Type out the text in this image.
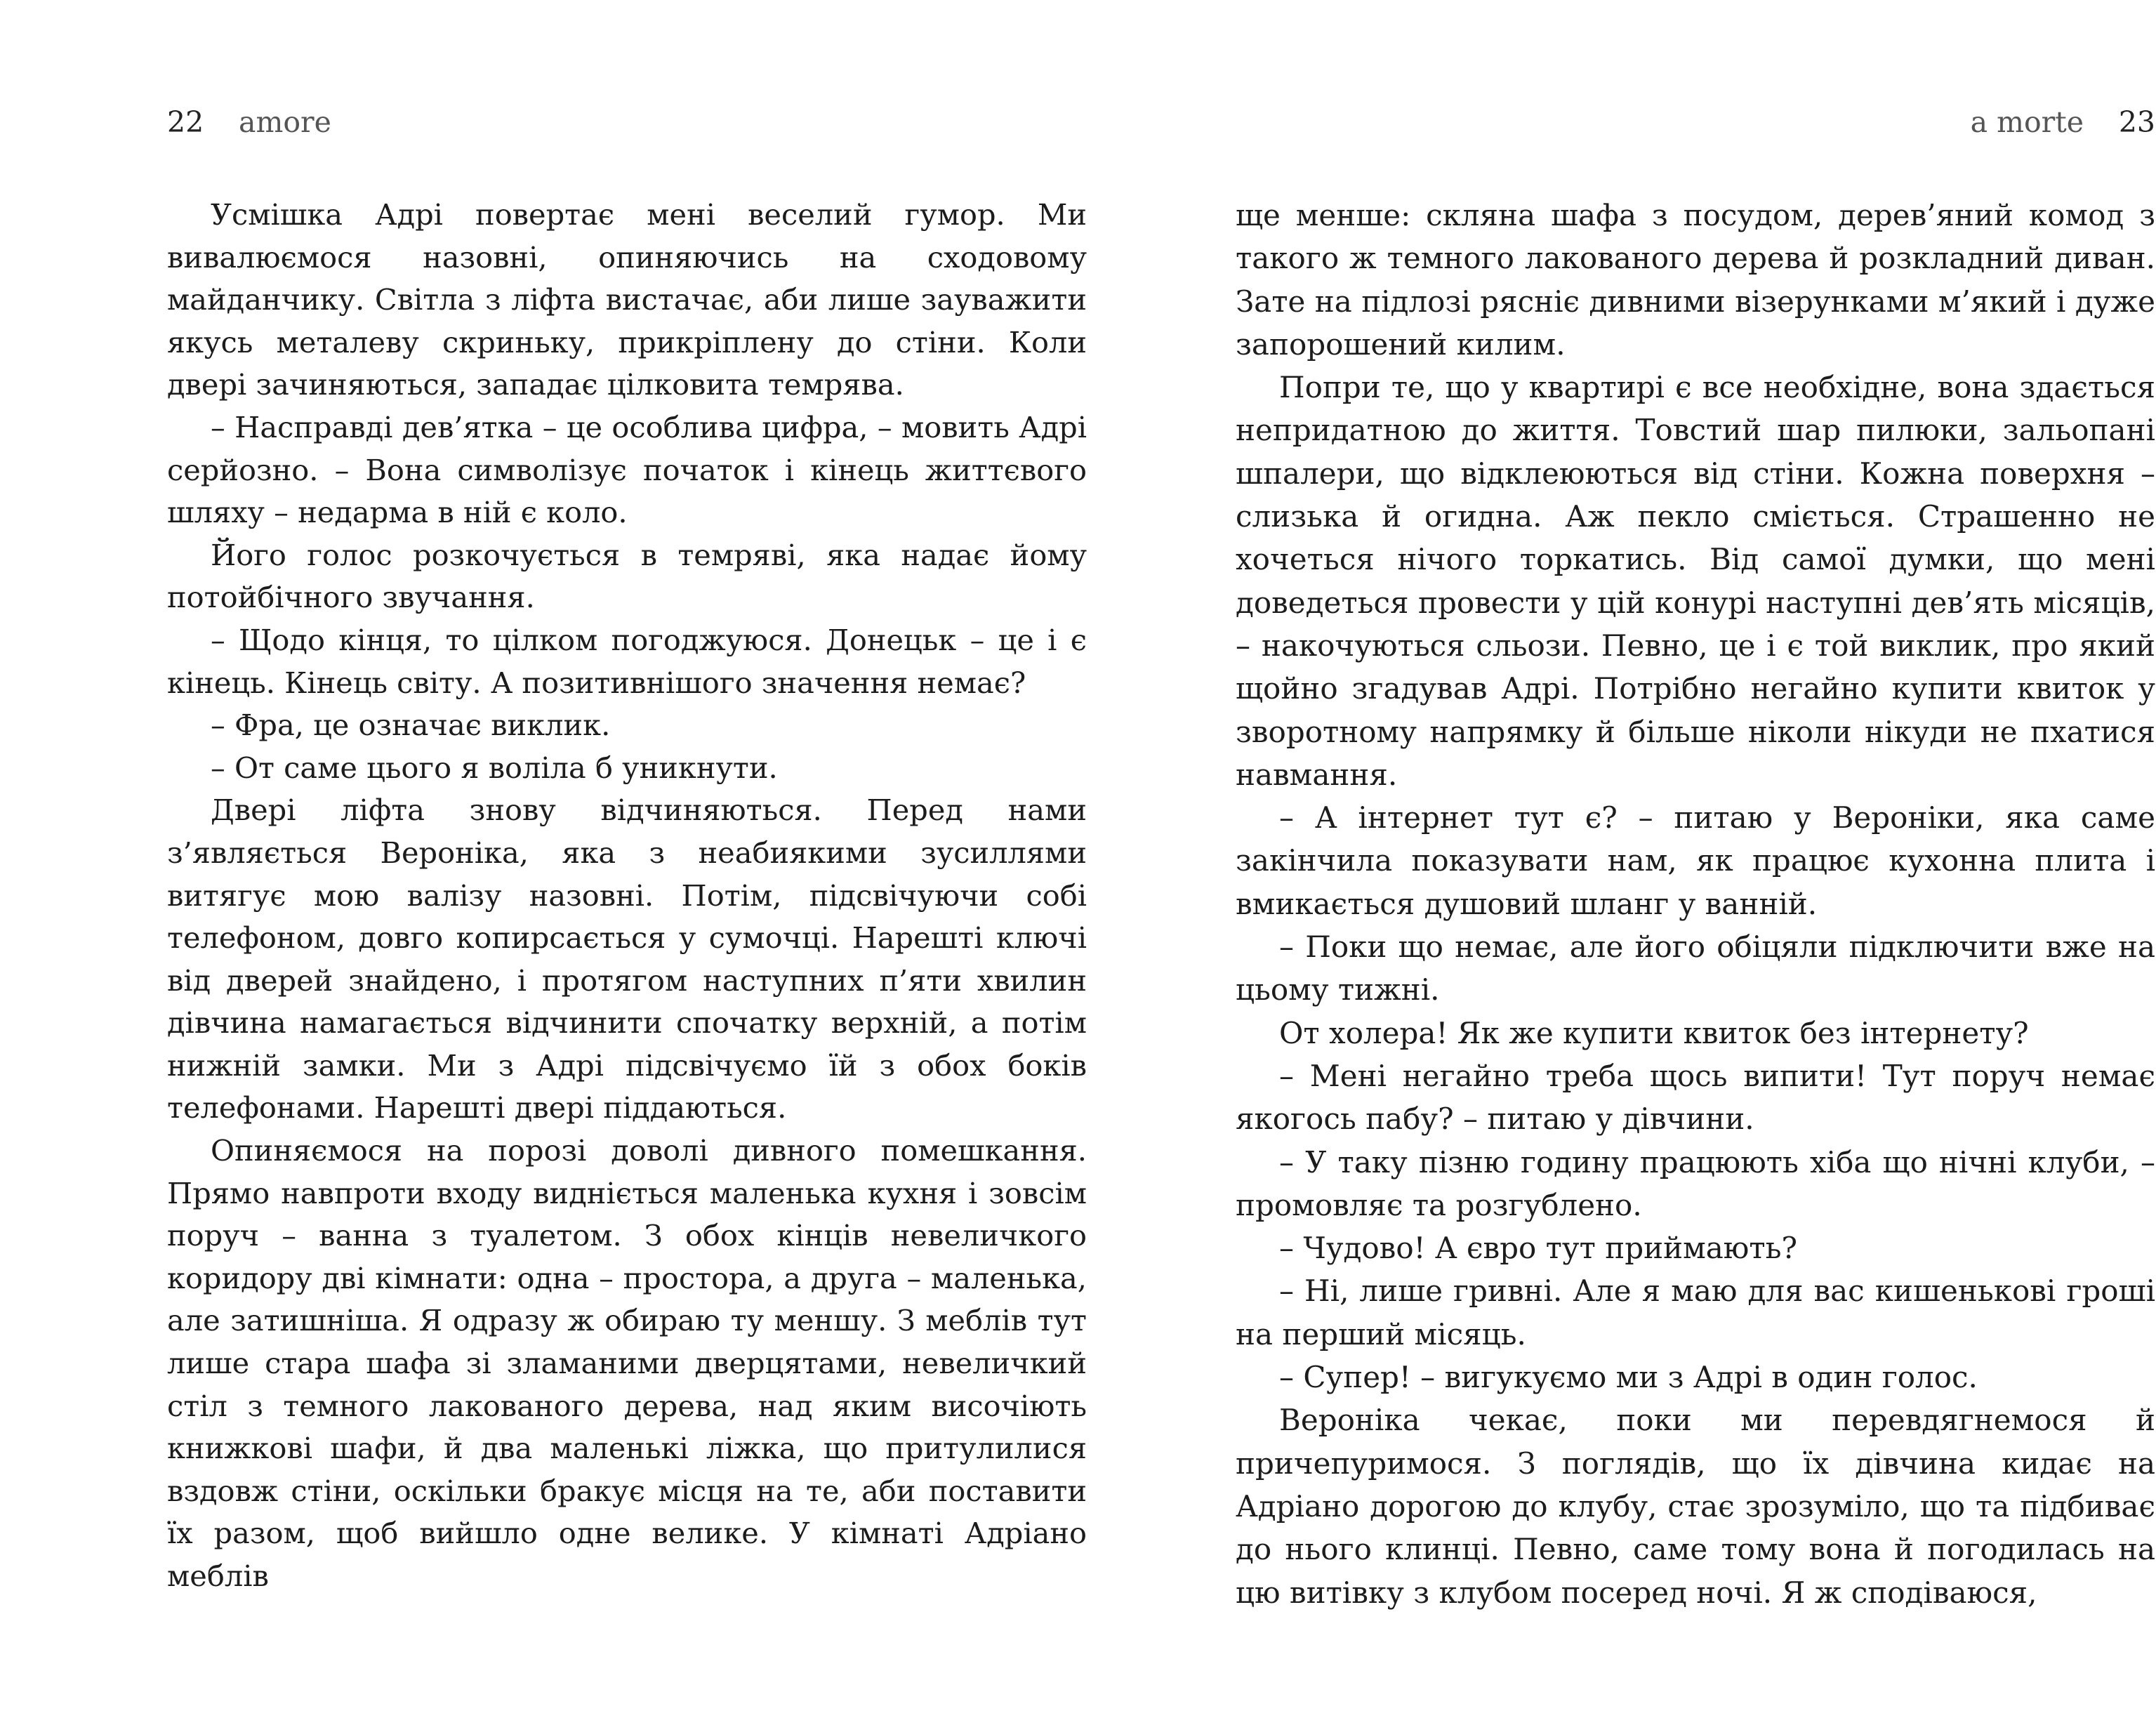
22 amore

Усмішка Адрі повертає мені веселий гумор. Ми вивалюємося назовні, опиняючись на сходовому майданчику. Світла з ліфта вистачає, аби лише зауважити якусь металеву скриньку, прикріплену до стіни. Коли двері зачиняються, западає цілковита темрява.

– Насправді дев’ятка – це особлива цифра, – мовить Адрі серйозно. – Вона символізує початок і кінець життєвого шляху – недарма в ній є коло.

Його голос розкочується в темряві, яка надає йому потойбічного звучання.

– Щодо кінця, то цілком погоджуюся. Донецьк – це і є кінець. Кінець світу. А позитивнішого значення немає?

– Фра, це означає виклик.

– От саме цього я воліла б уникнути.

Двері ліфта знову відчиняються. Перед нами з’являється Вероніка, яка з неабиякими зусиллями витягує мою валізу назовні. Потім, підсвічуючи собі телефоном, довго копирсається у сумочці. Нарешті ключі від дверей знайдено, і протягом наступних п’яти хвилин дівчина намагається відчинити спочатку верхній, а потім нижній замки. Ми з Адрі підсвічуємо їй з обох боків телефонами. Нарешті двері піддаються.

Опиняємося на порозі доволі дивного помешкання. Прямо навпроти входу видніється маленька кухня і зовсім поруч – ванна з туалетом. З обох кінців невеличкого коридору дві кімнати: одна – простора, а друга – маленька, але затишніша. Я одразу ж обираю ту меншу. З меблів тут лише стара шафа зі зламаними дверцятами, невеличкий стіл з темного лакованого дерева, над яким височіють книжкові шафи, й два маленькі ліжка, що притулилися вздовж стіни, оскільки бракує місця на те, аби поставити їх разом, щоб вийшло одне велике. У кімнаті Адріано меблів

a morte 23

ще менше: скляна шафа з посудом, дерев’яний комод з такого ж темного лакованого дерева й розкладний диван. Зате на підлозі рясніє дивними візерунками м’який і дуже запорошений килим.

Попри те, що у квартирі є все необхідне, вона здається непридатною до життя. Товстий шар пилюки, зальопані шпалери, що відклеюються від стіни. Кожна поверхня – слизька й огидна. Аж пекло сміється. Страшенно не хочеться нічого торкатись. Від самої думки, що мені доведеться провести у цій конурі наступні дев’ять місяців, – накочуються сльози. Певно, це і є той виклик, про який щойно згадував Адрі. Потрібно негайно купити квиток у зворотному напрямку й більше ніколи нікуди не пхатися навмання.

– А інтернет тут є? – питаю у Вероніки, яка саме закінчила показувати нам, як працює кухонна плита і вмикається душовий шланг у ванній.

– Поки що немає, але його обіцяли підключити вже на цьому тижні.

От холера! Як же купити квиток без інтернету?

– Мені негайно треба щось випити! Тут поруч немає якогось пабу? – питаю у дівчини.

– У таку пізню годину працюють хіба що нічні клуби, – промовляє та розгублено.

– Чудово! А євро тут приймають?

– Ні, лише гривні. Але я маю для вас кишенькові гроші на перший місяць.

– Супер! – вигукуємо ми з Адрі в один голос.

Вероніка чекає, поки ми перевдягнемося й причепуримося. З поглядів, що їх дівчина кидає на Адріано дорогою до клубу, стає зрозуміло, що та підбиває до нього клинці. Певно, саме тому вона й погодилась на цю витівку з клубом посеред ночі. Я ж сподіваюся,
